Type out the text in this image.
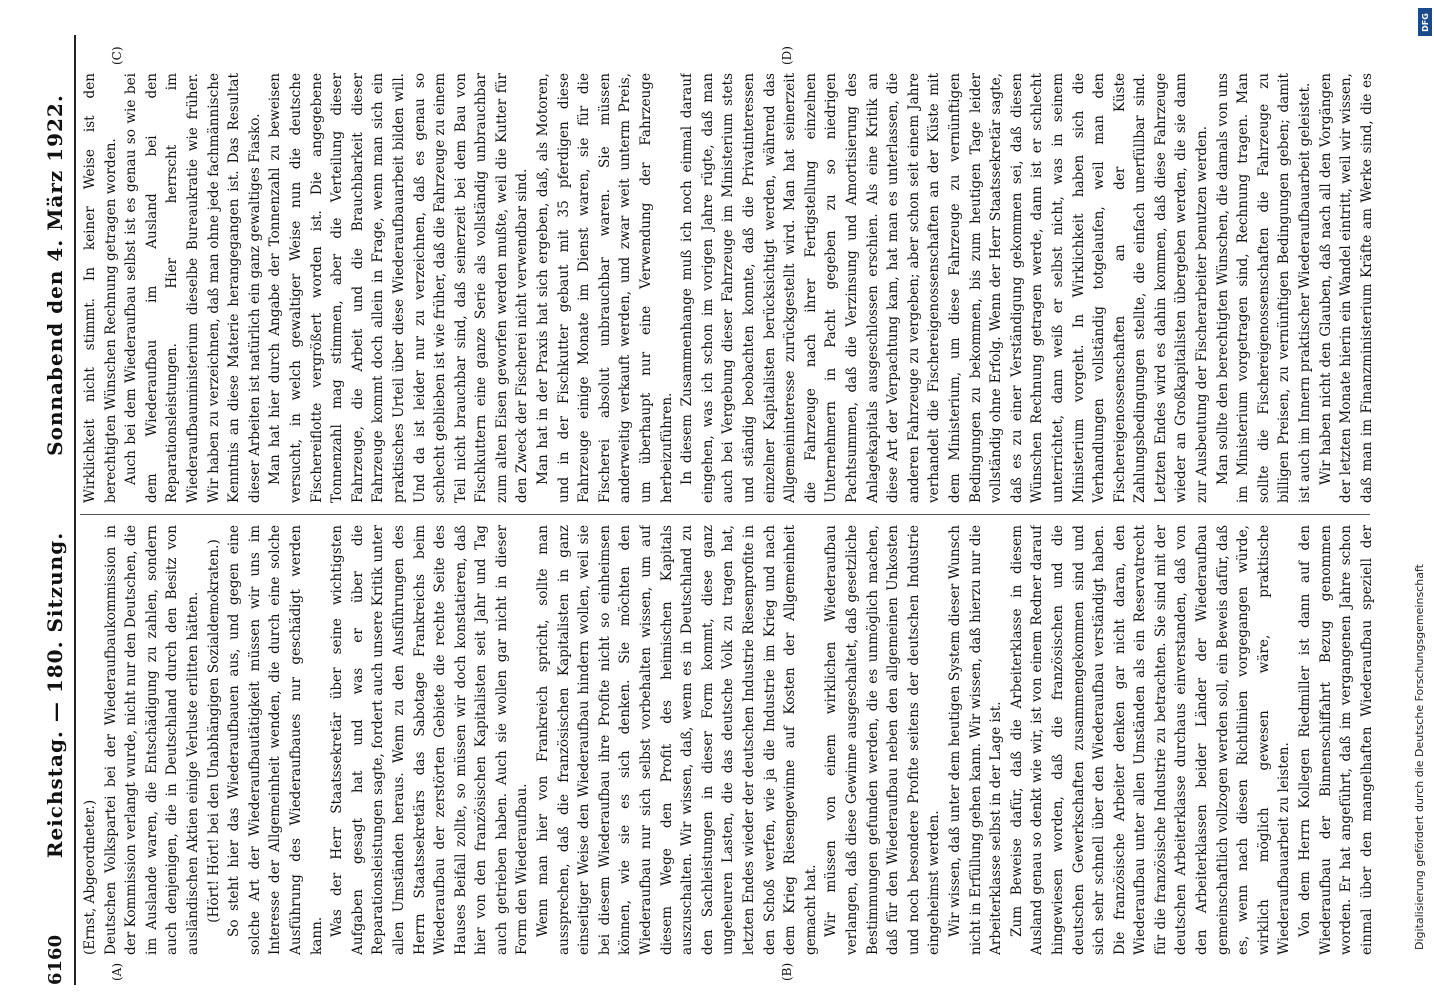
6160
Reichstag. — 180. Sitzung.
Sonnabend den 4. März 1922.

(Ernst, Abgeordneter.) Deutschen Volkspartei bei der Wiederaufbaukommission in der Kommission verlangt wurde, nicht nur den Deutschen, die im Auslande waren, die Entschädigung zu zahlen, sondern auch denjenigen, die in Deutschland durch den Besitz von ausländischen Aktien einige Verluste erlitten hätten. (Hört! Hört! bei den Unabhängigen Sozialdemokraten.) So steht hier das Wiederaufbauen aus, und gegen eine solche Art der Wiederaufbautätigkeit müssen wir uns im Interesse der Allgemeinheit wenden, die durch eine solche Ausführung des Wiederaufbaues nur geschädigt werden kann. Was der Herr Staatssekretär über seine wichtigsten Aufgaben gesagt hat und was er über die Reparationsleistungen sagte, fordert auch unsere Kritik unter allen Umständen heraus. Wenn zu den Ausführungen des Herrn Staatssekretärs das Sabotage Frankreichs beim Wiederaufbau der zerstörten Gebiete die rechte Seite des Hauses Beifall zollte, so müssen wir doch konstatieren, daß hier von den französischen Kapitalisten seit Jahr und Tag auch getrieben haben. Auch sie wollen gar nicht in dieser Form den Wiederaufbau. Wenn man hier von Frankreich spricht, sollte man aussprechen, daß die französischen Kapitalisten in ganz einseitiger Weise den Wiederaufbau hindern wollen, weil sie bei diesem Wiederaufbau ihre Profite nicht so einheimsen können, wie sie es sich denken. Sie möchten den Wiederaufbau nur sich selbst vorbehalten wissen, um auf diesem Wege den Profit des heimischen Kapitals auszuschalten. Wir wissen, daß, wenn es in Deutschland zu den Sachleistungen in dieser Form kommt, diese ganz ungeheuren Lasten, die das deutsche Volk zu tragen hat, letzten Endes wieder der deutschen Industrie Riesenprofite in den Schoß werfen, wie ja die Industrie im Krieg und nach dem Krieg Riesengewinne auf Kosten der Allgemeinheit gemacht hat. Wir müssen von einem wirklichen Wiederaufbau verlangen, daß diese Gewinne ausgeschaltet, daß gesetzliche Bestimmungen gefunden werden, die es unmöglich machen, daß für den Wiederaufbau neben den allgemeinen Unkosten und noch besondere Profite seitens der deutschen Industrie eingeheimst werden. Wir wissen, daß unter dem heutigen System dieser Wunsch nicht in Erfüllung gehen kann. Wir wissen, daß hierzu nur die Arbeiterklasse selbst in der Lage ist. Zum Beweise dafür, daß die Arbeiterklasse in diesem Ausland genau so denkt wie wir, ist von einem Redner darauf hingewiesen worden, daß die französischen und die deutschen Gewerkschaften zusammengekommen sind und sich sehr schnell über den Wiederaufbau verständigt haben. Die französische Arbeiter denken gar nicht daran, den Wiederaufbau unter allen Umständen als ein Reservatrecht für die französische Industrie zu betrachten. Sie sind mit der deutschen Arbeiterklasse durchaus einverstanden, daß von den Arbeiterklassen beider Länder der Wiederaufbau gemeinschaftlich vollzogen werden soll, ein Beweis dafür, daß es, wenn nach diesen Richtlinien vorgegangen würde, wirklich möglich gewesen wäre, praktische Wiederaufbauarbeit zu leisten. Von dem Herrn Kollegen Riedmiller ist dann auf den Wiederaufbau der Binnenschiffahrt Bezug genommen worden. Er hat angeführt, daß im vergangenen Jahre schon einmal über den mangelhaften Wiederaufbau speziell der

Wirklichkeit nicht stimmt. In keiner Weise ist den berechtigten Wünschen Rechnung getragen worden. Auch bei dem Wiederaufbau selbst ist es genau so wie bei dem Wiederaufbau im Ausland bei den Reparationsleistungen. Hier herrscht im Wiederaufbauministerium dieselbe Bureaukratie wie früher. Wir haben zu verzeichnen, daß man ohne jede fachmännische Kenntnis an diese Materie herangegangen ist. Das Resultat dieser Arbeiten ist natürlich ein ganz gewaltiges Fiasko. Man hat hier durch Angabe der Tonnenzahl zu beweisen versucht, in welch gewaltiger Weise nun die deutsche Fischereiflotte vergrößert worden ist. Die angegebene Tonnenzahl mag stimmen, aber die Verteilung dieser Fahrzeuge, die Arbeit und die Brauchbarkeit dieser Fahrzeuge kommt doch allein in Frage, wenn man sich ein praktisches Urteil über diese Wiederaufbauarbeit bilden will. Und da ist leider nur zu verzeichnen, daß es genau so schlecht geblieben ist wie früher, daß die Fahrzeuge zu einem Teil nicht brauchbar sind, daß seinerzeit bei dem Bau von Fischkuttern eine ganze Serie als vollständig unbrauchbar zum alten Eisen geworfen werden mußte, weil die Kutter für den Zweck der Fischerei nicht verwendbar sind. Man hat in der Praxis hat sich ergeben, daß, als Motoren, und in der Fischkutter gebaut mit 35 pferdigen diese Fahrzeuge einige Monate im Dienst waren, sie für die Fischerei absolut unbrauchbar waren. Sie müssen anderweitig verkauft werden, und zwar weit unterm Preis, um überhaupt nur eine Verwendung der Fahrzeuge herbeizuführen. In diesem Zusammenhange muß ich noch einmal darauf eingehen, was ich schon im vorigen Jahre rügte, daß man auch bei Vergebung dieser Fahrzeuge im Ministerium stets und ständig beobachten konnte, daß die Privatinteressen einzelner Kapitalisten berücksichtigt werden, während das Allgemeininteresse zurückgestellt wird. Man hat seinerzeit die Fahrzeuge nach ihrer Fertigstellung einzelnen Unternehmern in Pacht gegeben zu so niedrigen Pachtsummen, daß die Verzinsung und Amortisierung des Anlagekapitals ausgeschlossen erschien. Als eine Kritik an diese Art der Verpachtung kam, hat man es unterlassen, die anderen Fahrzeuge zu vergeben; aber schon seit einem Jahre verhandelt die Fischereigenossenschaften an der Küste mit dem Ministerium, um diese Fahrzeuge zu vernünftigen Bedingungen zu bekommen, bis zum heutigen Tage leider vollständig ohne Erfolg. Wenn der Herr Staatssekretär sagte, daß es zu einer Verständigung gekommen sei, daß diesen Wünschen Rechnung getragen werde, dann ist er schlecht unterrichtet, dann weiß er selbst nicht, was in seinem Ministerium vorgeht. In Wirklichkeit haben sich die Verhandlungen vollständig totgelaufen, weil man den Fischereigenossenschaften an der Küste Zahlungsbedingungen stellte, die einfach unerfüllbar sind. Letzten Endes wird es dahin kommen, daß diese Fahrzeuge wieder an Großkapitalisten übergeben werden, die sie dann zur Ausbeutung der Fischerarbeiter benutzen werden. Man sollte den berechtigten Wünschen, die damals von uns im Ministerium vorgetragen sind, Rechnung tragen. Man sollte die Fischereigenossenschaften die Fahrzeuge zu billigen Preisen, zu vernünftigen Bedingungen geben; damit ist auch im Innern praktischer Wiederaufbauarbeit geleistet. Wir haben nicht den Glauben, daß nach all den Vorgängen der letzten Monate hierin ein Wandel eintritt, weil wir wissen, daß man im Finanzministerium Kräfte am Werke sind, die es

(A)	(B)
(C)	(D)
Digitalisierung gefördert durch die Deutsche Forschungsgemeinschaft
DFG
